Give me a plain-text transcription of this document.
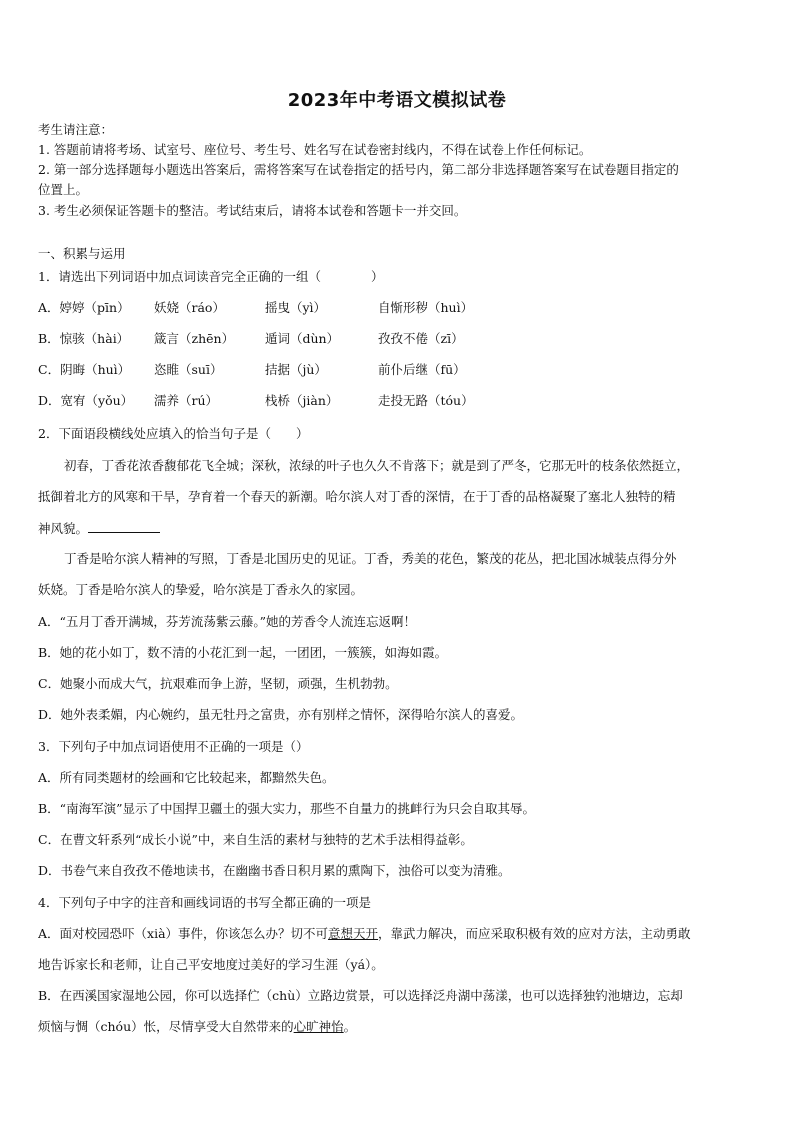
2023年中考语文模拟试卷
考生请注意：
1. 答题前请将考场、试室号、座位号、考生号、姓名写在试卷密封线内，不得在试卷上作任何标记。
2. 第一部分选择题每小题选出答案后，需将答案写在试卷指定的括号内，第二部分非选择题答案写在试卷题目指定的
位置上。
3. 考生必须保证答题卡的整洁。考试结束后，请将本试卷和答题卡一并交回。
一、积累与运用
1．请选出下列词语中加点词读音完全正确的一组（　　　　）
A．婷婷（pīn） 妖娆（ráo）	摇曳（yì）	自惭形秽（huì）
B．惊骇（hài） 箴言（zhēn） 遁词（dùn）	孜孜不倦（zī）
C．阴晦（huì） 恣睢（suī）	拮据（jù）	前仆后继（fū）
D．宽宥（yǒu） 濡养（rú）	栈桥（jiàn）	走投无路（tóu）
2．下面语段横线处应填入的恰当句子是（　　）
初春，丁香花浓香馥郁花飞全城；深秋，浓绿的叶子也久久不肯落下；就是到了严冬，它那无叶的枝条依然挺立，
抵御着北方的风寒和干旱，孕育着一个春天的新潮。哈尔滨人对丁香的深情，在于丁香的品格凝聚了塞北人独特的精
神风貌。
丁香是哈尔滨人精神的写照，丁香是北国历史的见证。丁香，秀美的花色，繁茂的花丛，把北国冰城装点得分外
妖娆。丁香是哈尔滨人的挚爱，哈尔滨是丁香永久的家园。
A．“五月丁香开满城，芬芳流荡紫云藤。”她的芳香令人流连忘返啊！
B．她的花小如丁，数不清的小花汇到一起，一团团，一簇簇，如海如霞。
C．她聚小而成大气，抗艰难而争上游，坚韧，顽强，生机勃勃。
D．她外表柔媚，内心婉约，虽无牡丹之富贵，亦有别样之情怀，深得哈尔滨人的喜爱。
3．下列句子中加点词语使用不正确的一项是（）
A．所有同类题材的绘画和它比较起来，都黯然失色。
B．“南海军演”显示了中国捍卫疆土的强大实力，那些不自量力的挑衅行为只会自取其辱。
C．在曹文轩系列“成长小说”中，来自生活的素材与独特的艺术手法相得益彰。
D．书卷气来自孜孜不倦地读书，在幽幽书香日积月累的熏陶下，浊俗可以变为清雅。
4．下列句子中字的注音和画线词语的书写全都正确的一项是
A．面对校园恐吓（xià）事件，你该怎么办？切不可意想天开，靠武力解决，而应采取积极有效的应对方法，主动勇敢
地告诉家长和老师，让自己平安地度过美好的学习生涯（yá）。
B．在西溪国家湿地公园，你可以选择伫（chù）立路边赏景，可以选择泛舟湖中荡漾，也可以选择独钓池塘边，忘却
烦恼与惆（chóu）怅，尽情享受大自然带来的心旷神怡。
